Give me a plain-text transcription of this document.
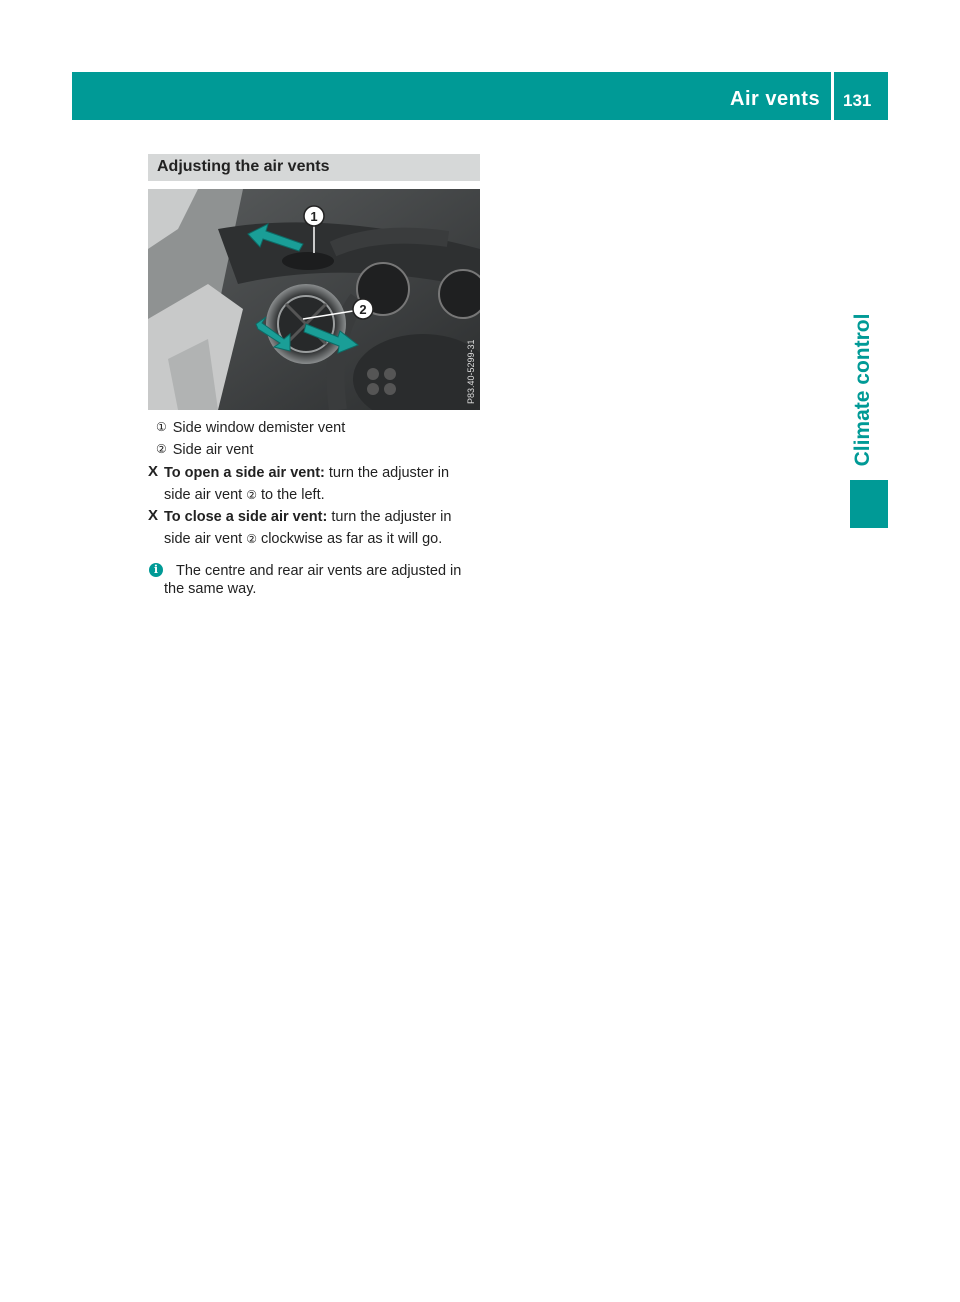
Air vents 131
Climate control
Adjusting the air vents
1
2
P83.40-5299-31
① Side window demister vent
② Side air vent
X To open a side air vent: turn the adjuster in
side air vent ② to the left.
X To close a side air vent: turn the adjuster in
side air vent ② clockwise as far as it will go.
i	The centre and rear air vents are adjusted in
the same way.
